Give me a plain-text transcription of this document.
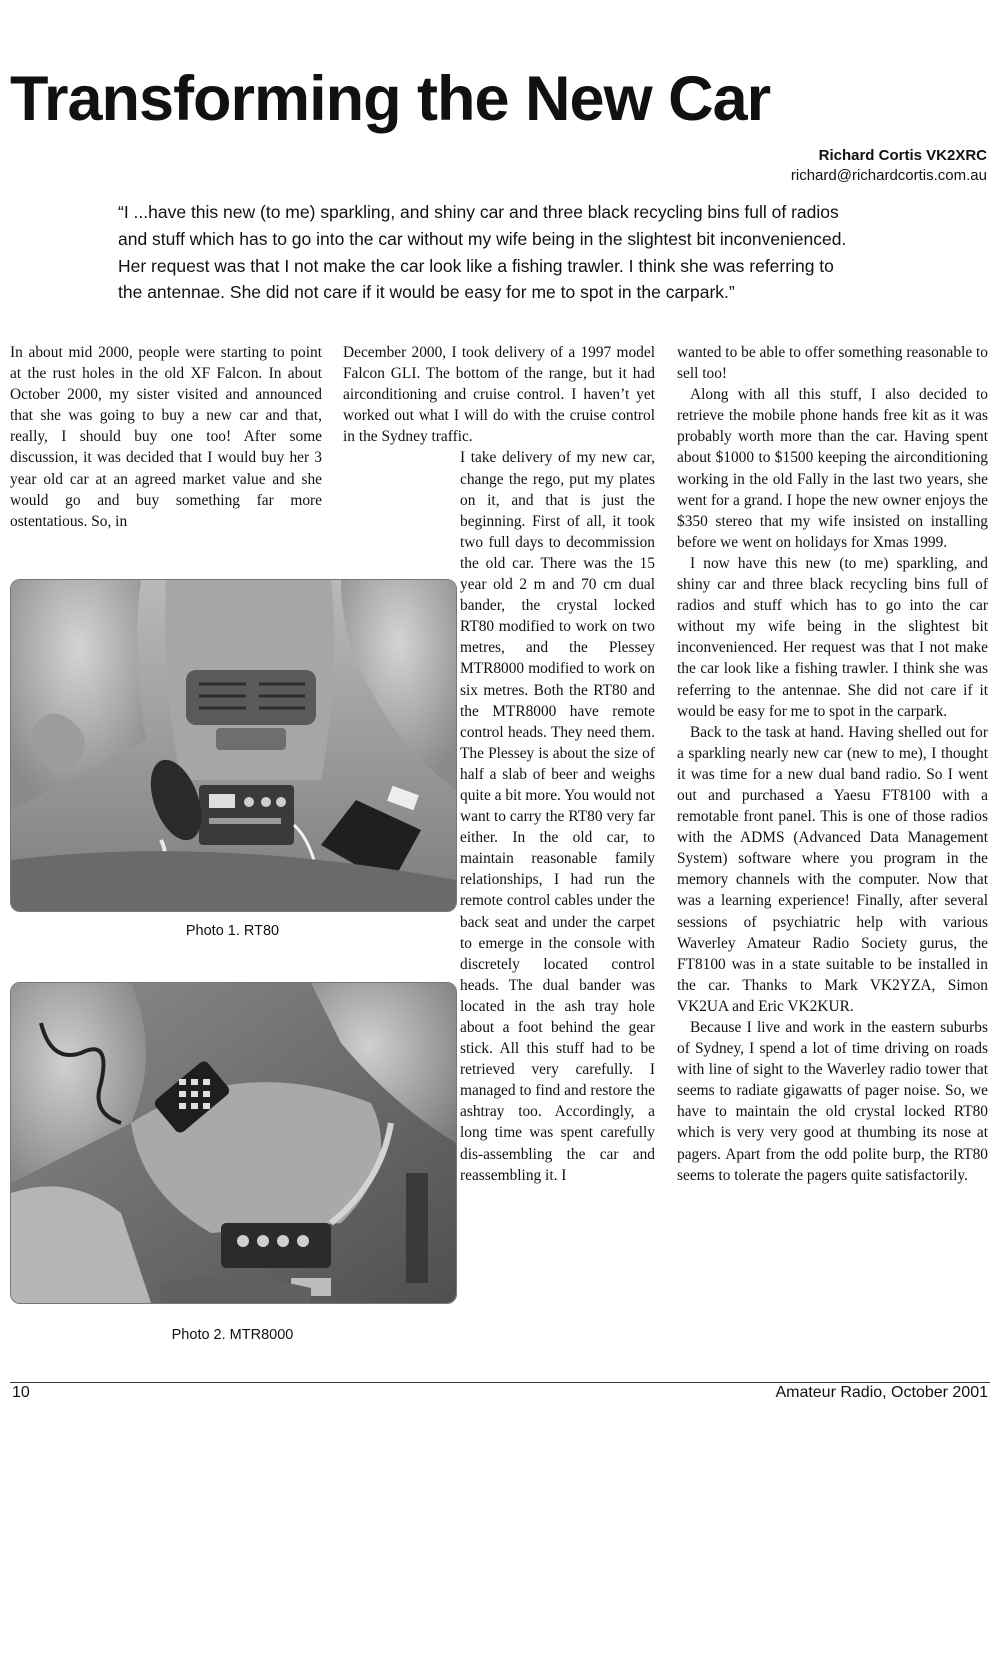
Transforming the New Car
Richard Cortis VK2XRC
richard@richardcortis.com.au
“I ...have this new (to me) sparkling, and shiny car and three black recycling bins full of radios and stuff which has to go into the car without my wife being in the slightest bit inconvenienced. Her request was that I not make the car look like a fishing trawler. I think she was referring to the antennae. She did not care if it would be easy for me to spot in the carpark.”

In about mid 2000, people were starting to point at the rust holes in the old XF Falcon. In about October 2000, my sister visited and announced that she was going to buy a new car and that, really, I should buy one too! After some discussion, it was decided that I would buy her 3 year old car at an agreed market value and she would go and buy something far more ostentatious. So, in

December 2000, I took delivery of a 1997 model Falcon GLI. The bottom of the range, but it had airconditioning and cruise control. I haven’t yet worked out what I will do with the cruise control in the Sydney traffic.

I take delivery of my new car, change the rego, put my plates on it, and that is just the beginning. First of all, it took two full days to decommission the old car. There was the 15 year old 2 m and 70 cm dual bander, the crystal locked RT80 modified to work on two metres, and the Plessey MTR8000 modified to work on six metres. Both the RT80 and the MTR8000 have remote control heads. They need them. The Plessey is about the size of half a slab of beer and weighs quite a bit more. You would not want to carry the RT80 very far either. In the old car, to maintain reasonable family relationships, I had run the remote control cables under the back seat and under the carpet to emerge in the console with discretely located control heads. The dual bander was located in the ash tray hole about a foot behind the gear stick. All this stuff had to be retrieved very carefully. I managed to find and restore the ashtray too. Accordingly, a long time was spent carefully dis-assembling the car and reassembling it. I

wanted to be able to offer something reasonable to sell too!

Along with all this stuff, I also decided to retrieve the mobile phone hands free kit as it was probably worth more than the car. Having spent about $1000 to $1500 keeping the airconditioning working in the old Fally in the last two years, she went for a grand. I hope the new owner enjoys the $350 stereo that my wife insisted on installing before we went on holidays for Xmas 1999.

I now have this new (to me) sparkling, and shiny car and three black recycling bins full of radios and stuff which has to go into the car without my wife being in the slightest bit inconvenienced. Her request was that I not make the car look like a fishing trawler. I think she was referring to the antennae. She did not care if it would be easy for me to spot in the carpark.

Back to the task at hand. Having shelled out for a sparkling nearly new car (new to me), I thought it was time for a new dual band radio. So I went out and purchased a Yaesu FT8100 with a remotable front panel. This is one of those radios with the ADMS (Advanced Data Management System) software where you program in the memory channels with the computer. Now that was a learning experience! Finally, after several sessions of psychiatric help with various Waverley Amateur Radio Society gurus, the FT8100 was in a state suitable to be installed in the car. Thanks to Mark VK2YZA, Simon VK2UA and Eric VK2KUR.

Because I live and work in the eastern suburbs of Sydney, I spend a lot of time driving on roads with line of sight to the Waverley radio tower that seems to radiate gigawatts of pager noise. So, we have to maintain the old crystal locked RT80 which is very very good at thumbing its nose at pagers. Apart from the odd polite burp, the RT80 seems to tolerate the pagers quite satisfactorily.

Photo 1. RT80
Photo 2. MTR8000
10	Amateur Radio, October 2001
